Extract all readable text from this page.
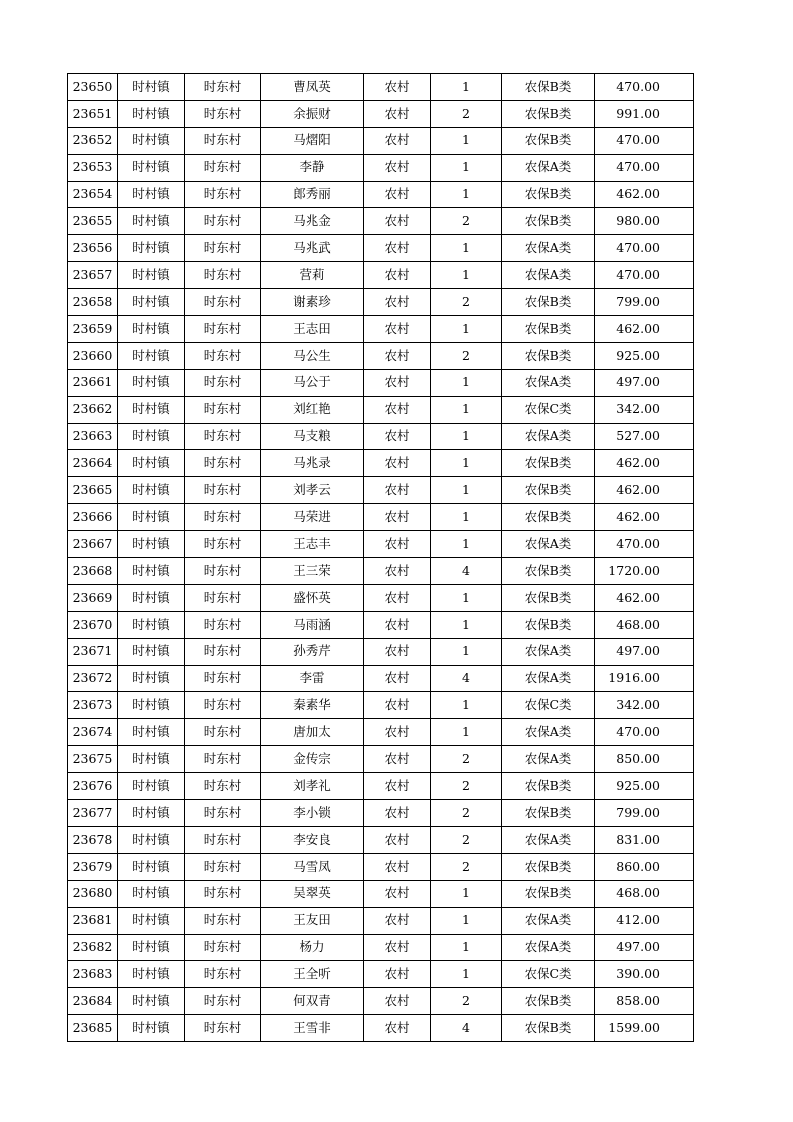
23650	时村镇	时东村	曹凤英	农村	1	农保B类	470.00
23651	时村镇	时东村	余振财	农村	2	农保B类	991.00
23652	时村镇	时东村	马熠阳	农村	1	农保B类	470.00
23653	时村镇	时东村	李静	农村	1	农保A类	470.00
23654	时村镇	时东村	郎秀丽	农村	1	农保B类	462.00
23655	时村镇	时东村	马兆金	农村	2	农保B类	980.00
23656	时村镇	时东村	马兆武	农村	1	农保A类	470.00
23657	时村镇	时东村	营莉	农村	1	农保A类	470.00
23658	时村镇	时东村	谢素珍	农村	2	农保B类	799.00
23659	时村镇	时东村	王志田	农村	1	农保B类	462.00
23660	时村镇	时东村	马公生	农村	2	农保B类	925.00
23661	时村镇	时东村	马公于	农村	1	农保A类	497.00
23662	时村镇	时东村	刘红艳	农村	1	农保C类	342.00
23663	时村镇	时东村	马支粮	农村	1	农保A类	527.00
23664	时村镇	时东村	马兆录	农村	1	农保B类	462.00
23665	时村镇	时东村	刘孝云	农村	1	农保B类	462.00
23666	时村镇	时东村	马荣进	农村	1	农保B类	462.00
23667	时村镇	时东村	王志丰	农村	1	农保A类	470.00
23668	时村镇	时东村	王三荣	农村	4	农保B类	1720.00
23669	时村镇	时东村	盛怀英	农村	1	农保B类	462.00
23670	时村镇	时东村	马雨涵	农村	1	农保B类	468.00
23671	时村镇	时东村	孙秀芹	农村	1	农保A类	497.00
23672	时村镇	时东村	李雷	农村	4	农保A类	1916.00
23673	时村镇	时东村	秦素华	农村	1	农保C类	342.00
23674	时村镇	时东村	唐加太	农村	1	农保A类	470.00
23675	时村镇	时东村	金传宗	农村	2	农保A类	850.00
23676	时村镇	时东村	刘孝礼	农村	2	农保B类	925.00
23677	时村镇	时东村	李小锁	农村	2	农保B类	799.00
23678	时村镇	时东村	李安良	农村	2	农保A类	831.00
23679	时村镇	时东村	马雪凤	农村	2	农保B类	860.00
23680	时村镇	时东村	吴翠英	农村	1	农保B类	468.00
23681	时村镇	时东村	王友田	农村	1	农保A类	412.00
23682	时村镇	时东村	杨力	农村	1	农保A类	497.00
23683	时村镇	时东村	王全听	农村	1	农保C类	390.00
23684	时村镇	时东村	何双青	农村	2	农保B类	858.00
23685	时村镇	时东村	王雪非	农村	4	农保B类	1599.00
